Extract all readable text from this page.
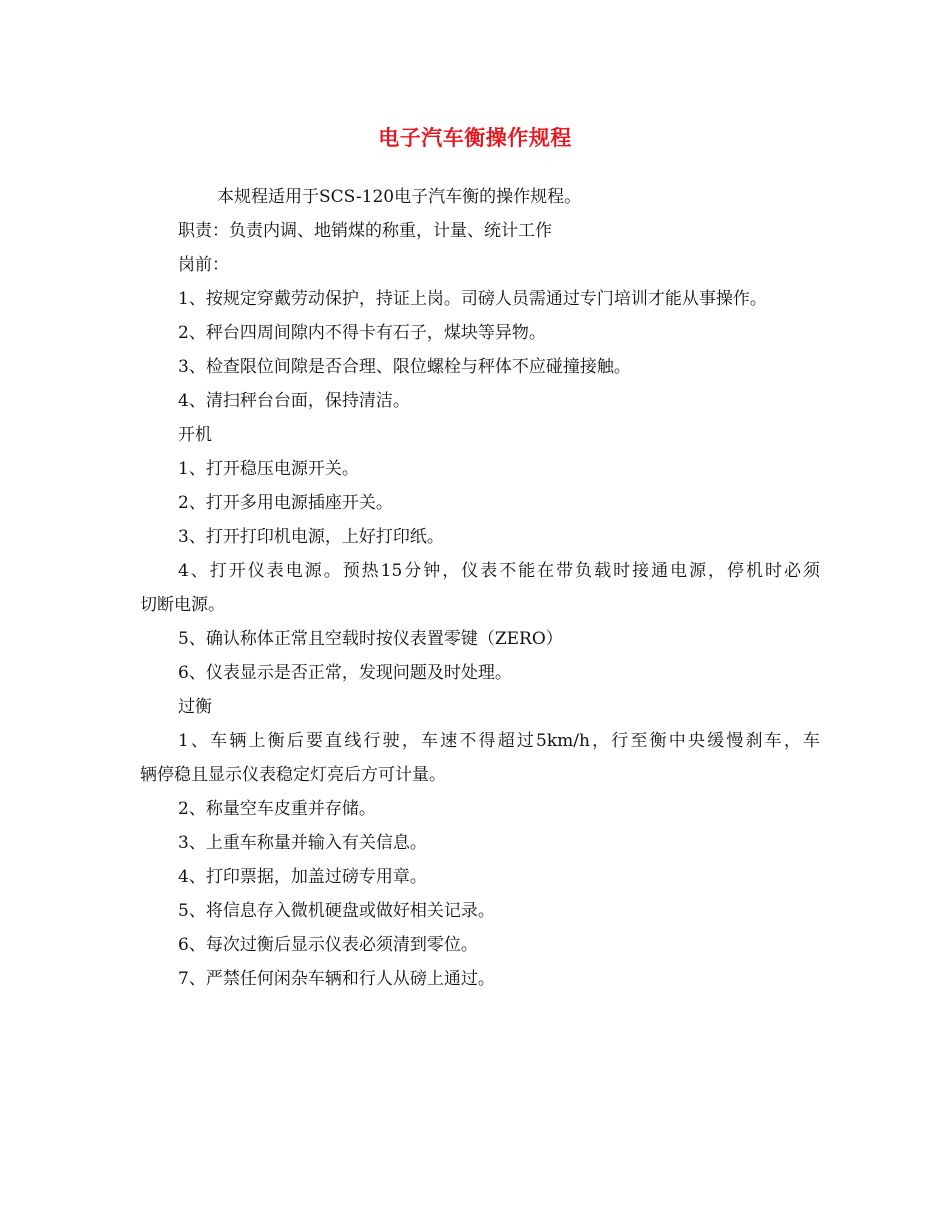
电子汽车衡操作规程

本规程适用于SCS-120电子汽车衡的操作规程。

职责：负责内调、地销煤的称重，计量、统计工作

岗前：

1、按规定穿戴劳动保护，持证上岗。司磅人员需通过专门培训才能从事操作。

2、秤台四周间隙内不得卡有石子，煤块等异物。

3、检查限位间隙是否合理、限位螺栓与秤体不应碰撞接触。

4、清扫秤台台面，保持清洁。

开机

1、打开稳压电源开关。

2、打开多用电源插座开关。

3、打开打印机电源，上好打印纸。

4、打开仪表电源。预热15分钟，仪表不能在带负载时接通电源，停机时必须

切断电源。

5、确认称体正常且空载时按仪表置零键（ZERO）

6、仪表显示是否正常，发现问题及时处理。

过衡

1、车辆上衡后要直线行驶，车速不得超过5km/h，行至衡中央缓慢刹车，车

辆停稳且显示仪表稳定灯亮后方可计量。

2、称量空车皮重并存储。

3、上重车称量并输入有关信息。

4、打印票据，加盖过磅专用章。

5、将信息存入微机硬盘或做好相关记录。

6、每次过衡后显示仪表必须清到零位。

7、严禁任何闲杂车辆和行人从磅上通过。
